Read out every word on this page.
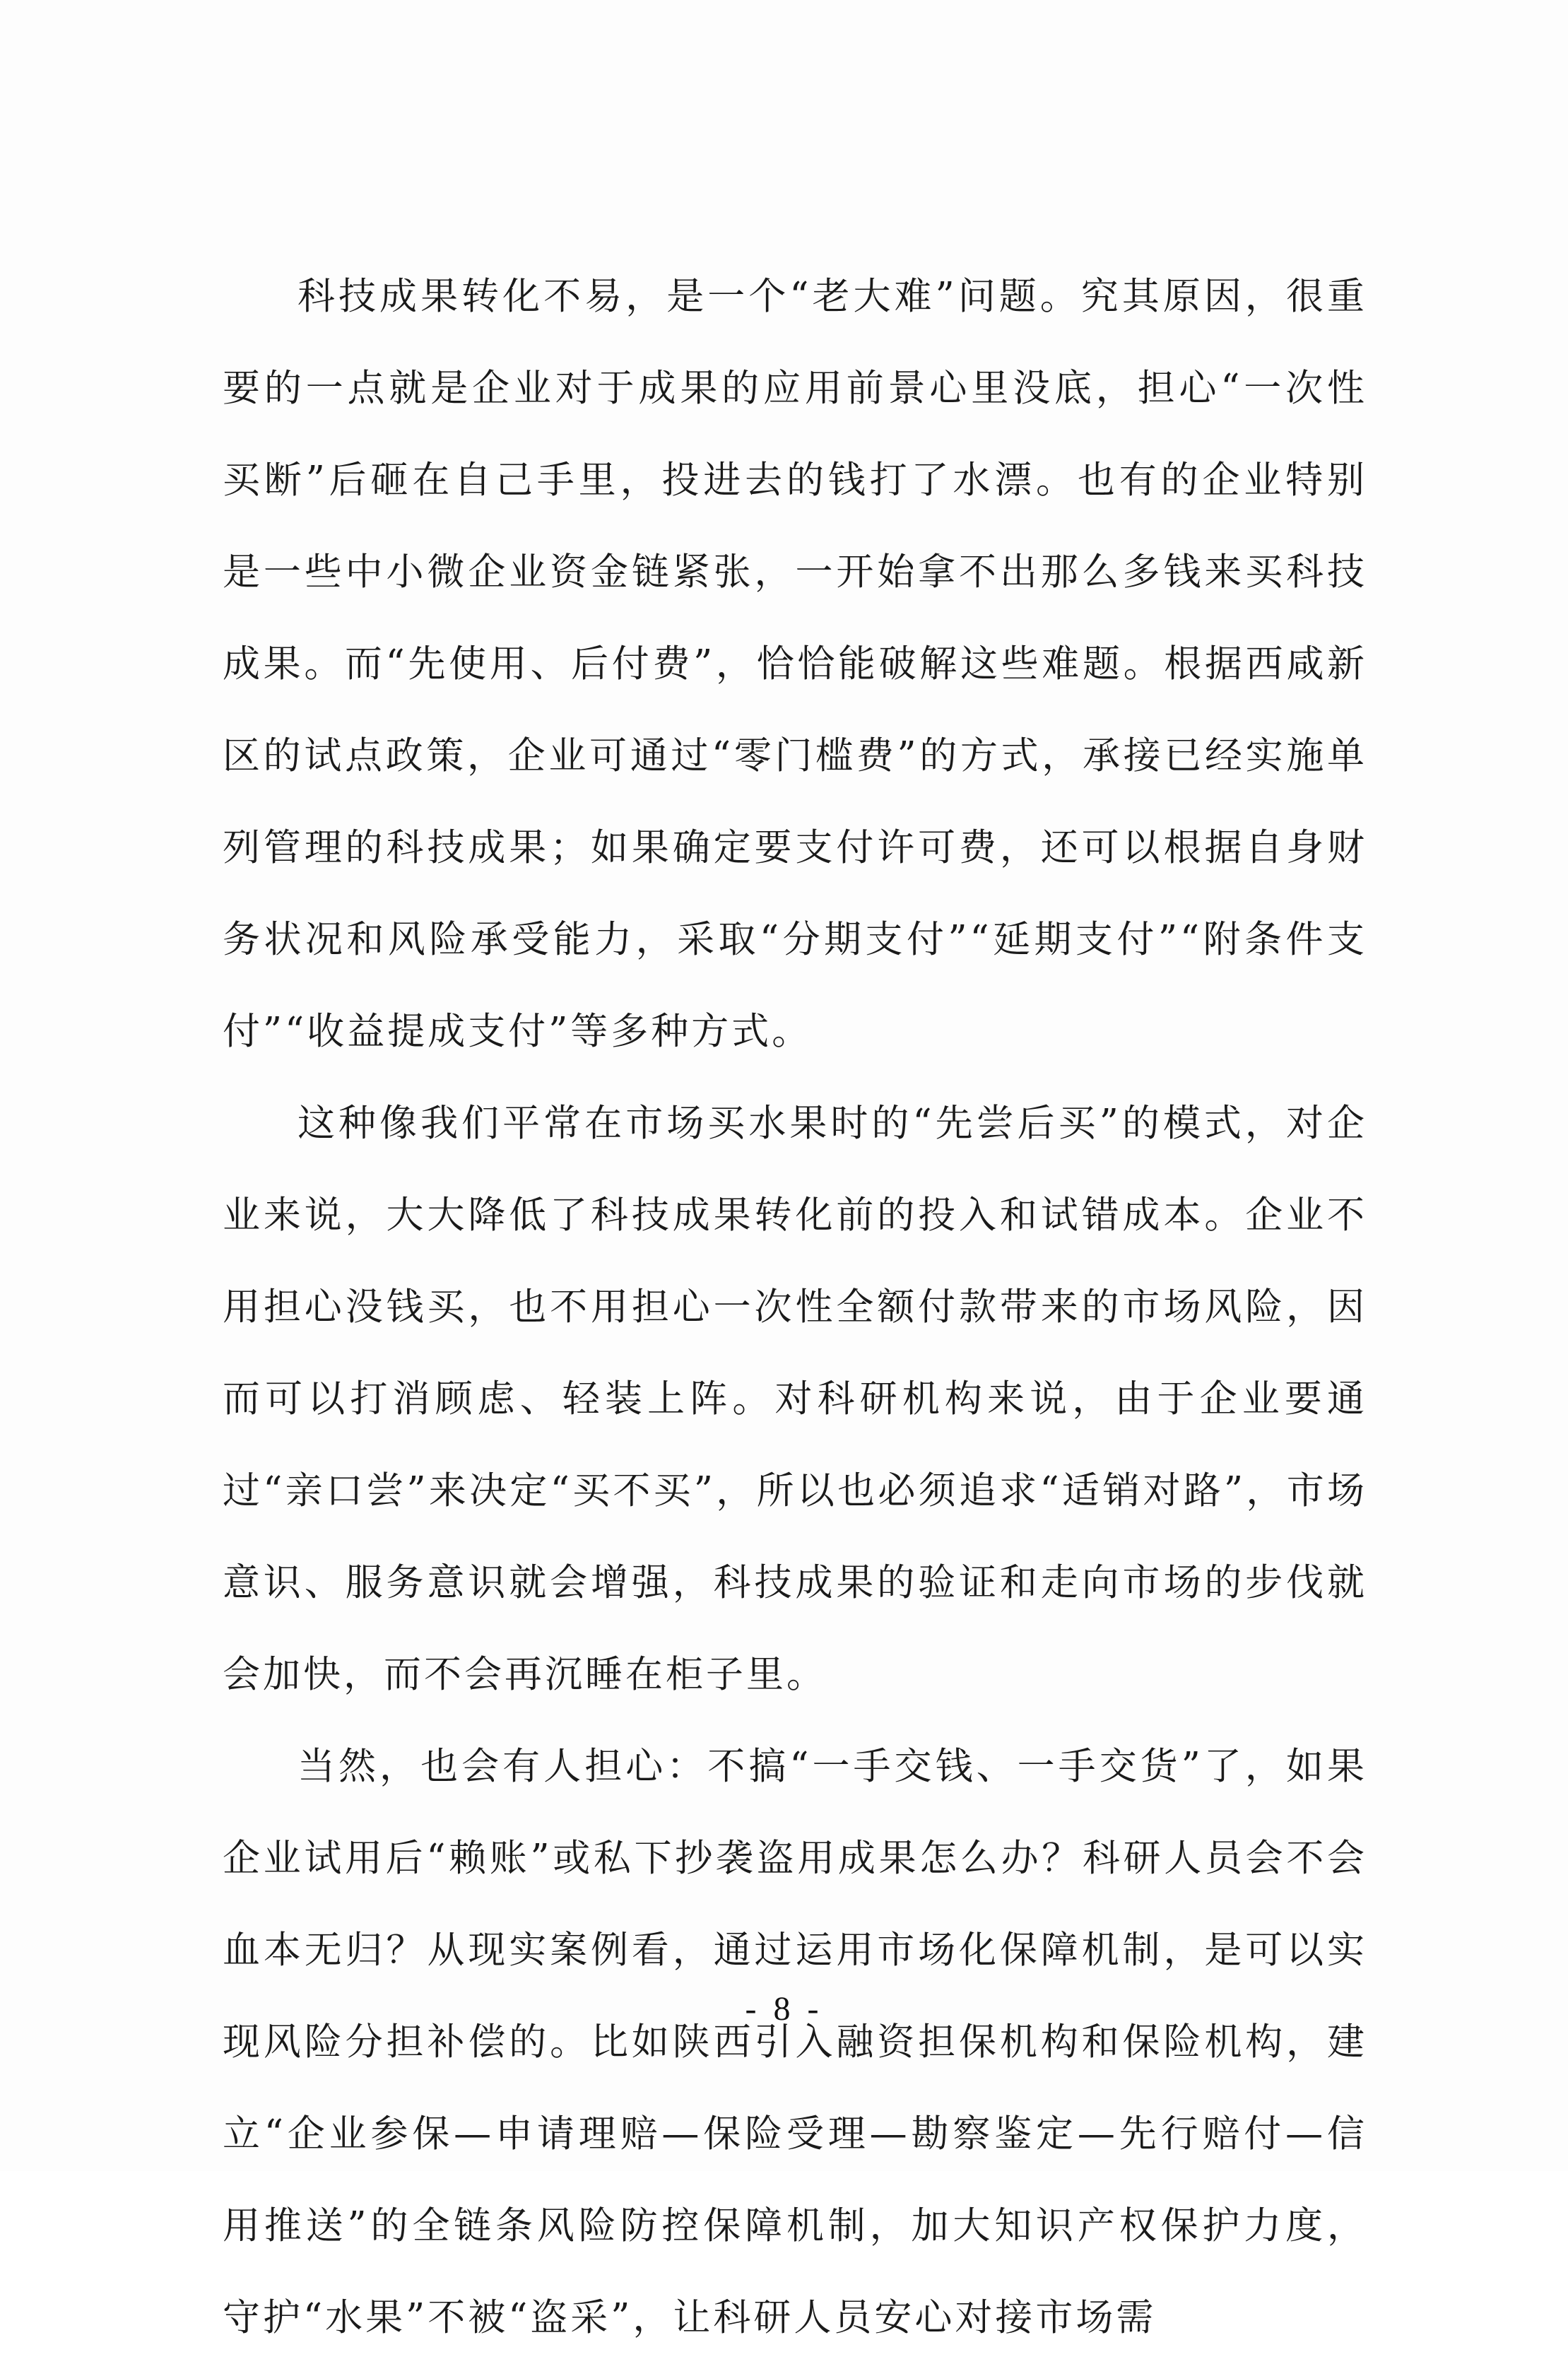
科技成果转化不易，是一个“老大难”问题。究其原因，很重要的一点就是企业对于成果的应用前景心里没底，担心“一次性买断”后砸在自己手里，投进去的钱打了水漂。也有的企业特别是一些中小微企业资金链紧张，一开始拿不出那么多钱来买科技成果。而“先使用、后付费”，恰恰能破解这些难题。根据西咸新区的试点政策，企业可通过“零门槛费”的方式，承接已经实施单列管理的科技成果；如果确定要支付许可费，还可以根据自身财务状况和风险承受能力，采取“分期支付”“延期支付”“附条件支付”“收益提成支付”等多种方式。

这种像我们平常在市场买水果时的“先尝后买”的模式，对企业来说，大大降低了科技成果转化前的投入和试错成本。企业不用担心没钱买，也不用担心一次性全额付款带来的市场风险，因而可以打消顾虑、轻装上阵。对科研机构来说，由于企业要通过“亲口尝”来决定“买不买”，所以也必须追求“适销对路”，市场意识、服务意识就会增强，科技成果的验证和走向市场的步伐就会加快，而不会再沉睡在柜子里。

当然，也会有人担心：不搞“一手交钱、一手交货”了，如果企业试用后“赖账”或私下抄袭盗用成果怎么办？科研人员会不会血本无归？从现实案例看，通过运用市场化保障机制，是可以实现风险分担补偿的。比如陕西引入融资担保机构和保险机构，建立“企业参保—申请理赔—保险受理—勘察鉴定—先行赔付—信用推送”的全链条风险防控保障机制，加大知识产权保护力度，守护“水果”不被“盗采”，让科研人员安心对接市场需

- 8 -
